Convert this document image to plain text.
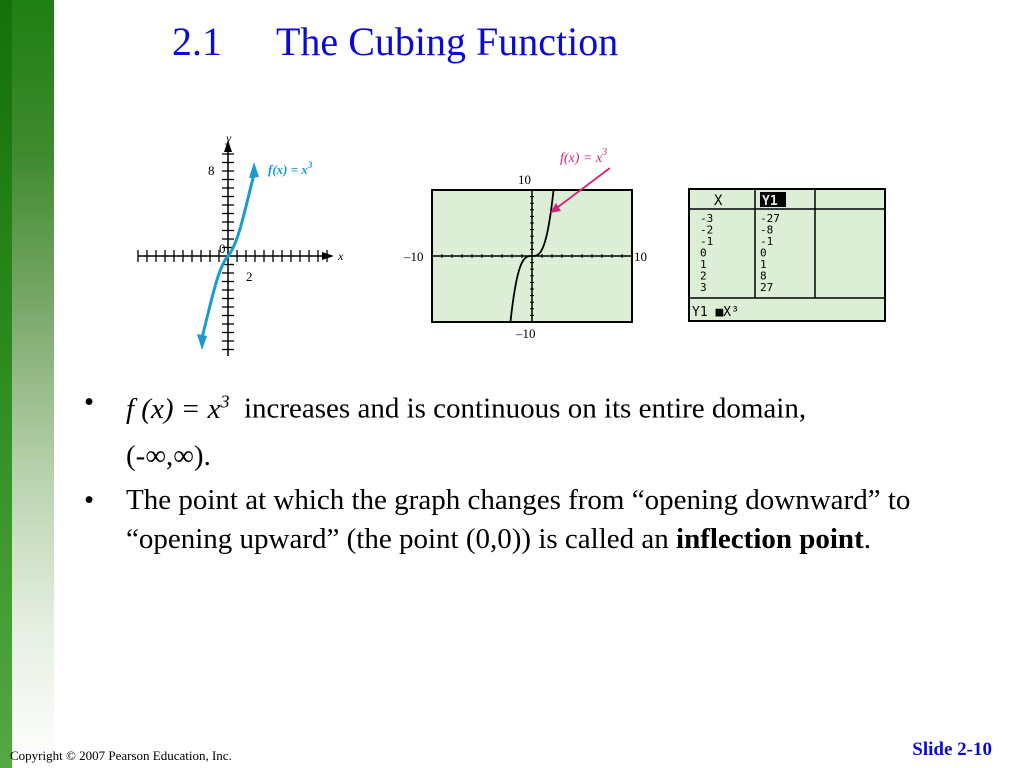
2.1 The Cubing Function
y
x
8
2
0
$f(x) = x^3$	$f(x) = x^3$
10
–10	10
–10
X	Y1
-3	-27
-2	-8
-1	-1
0	0
1	1
2	8
3	27
Y1 ■X³
• f $(x) = x^3$ increases and is continuous on its entire domain,
(-∞,∞).
• The point at which the graph changes from “opening downward” to “opening upward” (the point (0,0)) is called an inflection point.
Copyright © 2007 Pearson Education, Inc.	Slide 2-10
